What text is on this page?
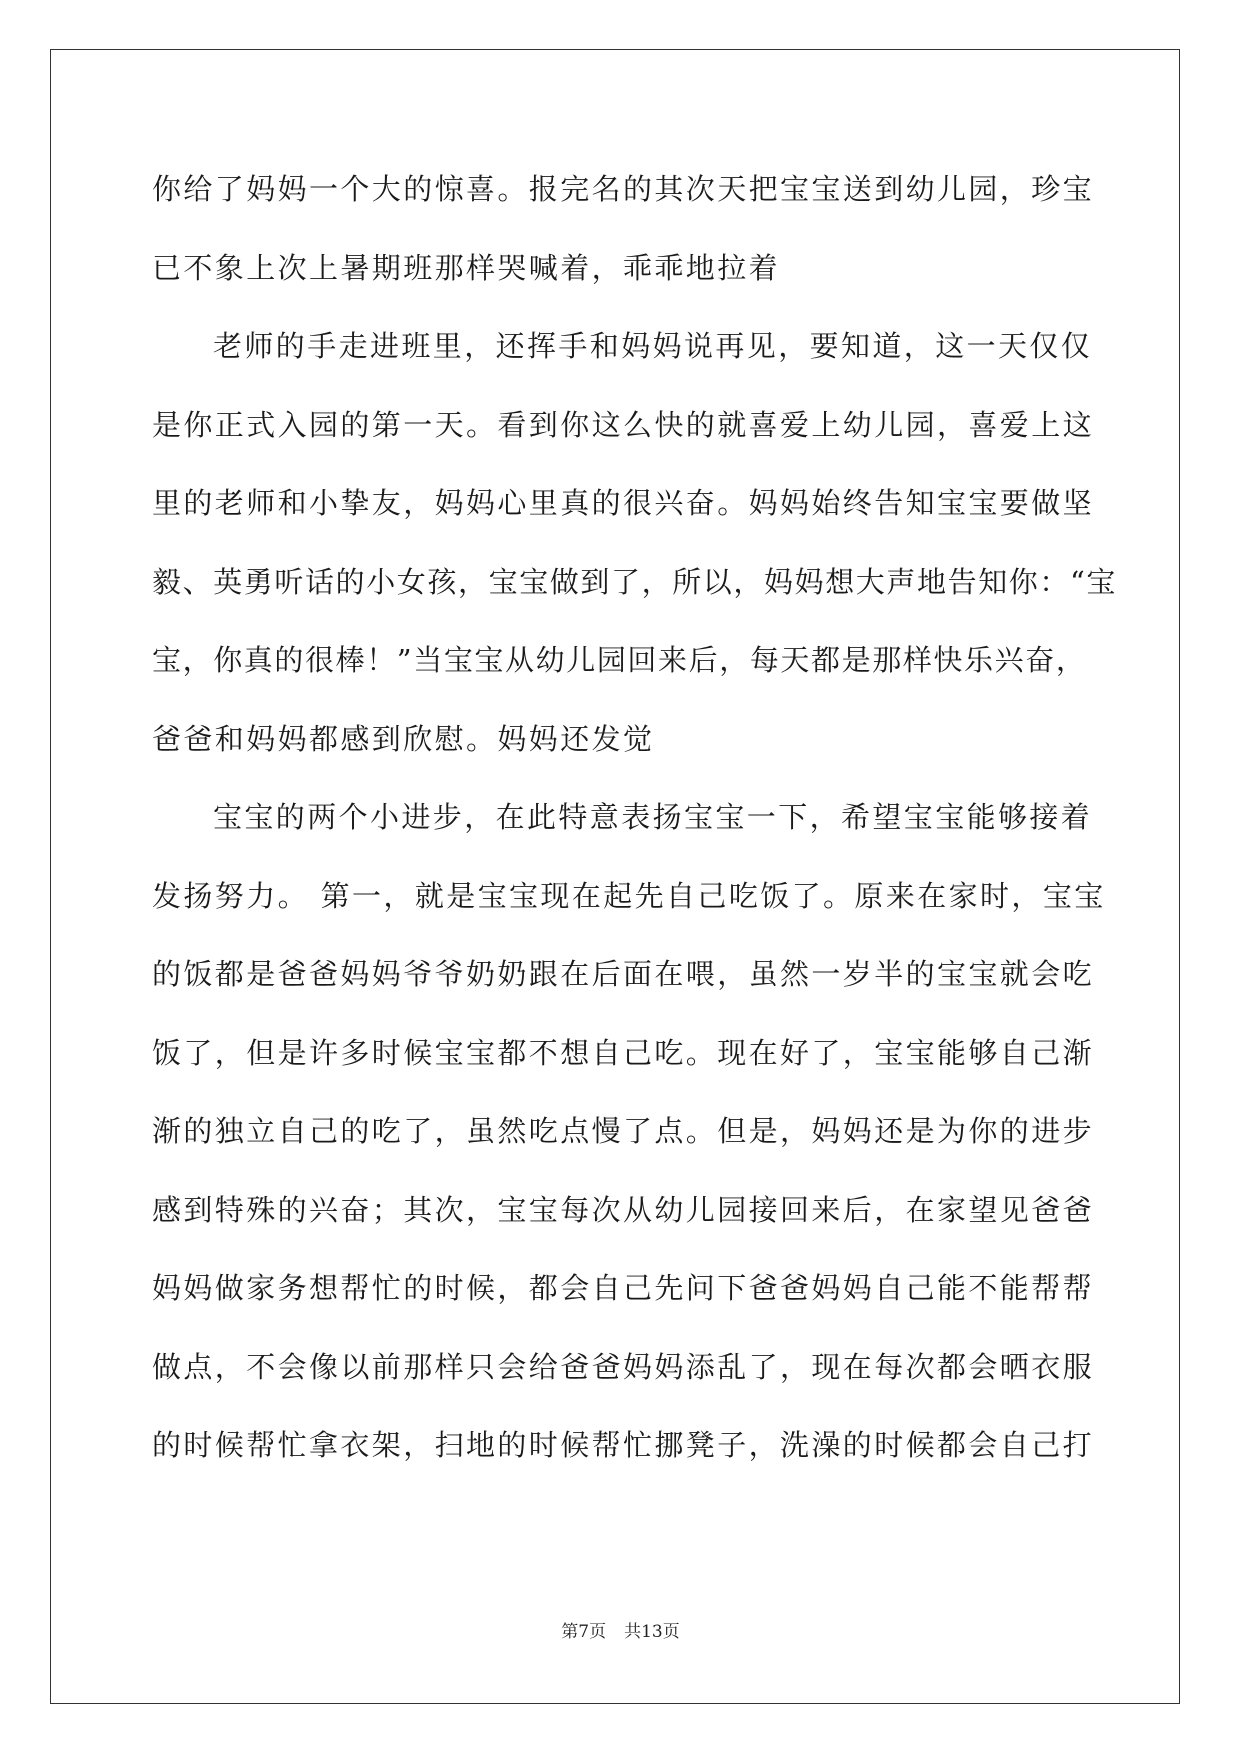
你给了妈妈一个大的惊喜。报完名的其次天把宝宝送到幼儿园，珍宝
已不象上次上暑期班那样哭喊着，乖乖地拉着
老师的手走进班里，还挥手和妈妈说再见，要知道，这一天仅仅
是你正式入园的第一天。看到你这么快的就喜爱上幼儿园，喜爱上这
里的老师和小挚友，妈妈心里真的很兴奋。妈妈始终告知宝宝要做坚
毅、英勇听话的小女孩，宝宝做到了，所以，妈妈想大声地告知你：“宝
宝，你真的很棒！”当宝宝从幼儿园回来后，每天都是那样快乐兴奋，
爸爸和妈妈都感到欣慰。妈妈还发觉
宝宝的两个小进步，在此特意表扬宝宝一下，希望宝宝能够接着
发扬努力。 第一，就是宝宝现在起先自己吃饭了。原来在家时，宝宝
的饭都是爸爸妈妈爷爷奶奶跟在后面在喂，虽然一岁半的宝宝就会吃
饭了，但是许多时候宝宝都不想自己吃。现在好了，宝宝能够自己渐
渐的独立自己的吃了，虽然吃点慢了点。但是，妈妈还是为你的进步
感到特殊的兴奋；其次，宝宝每次从幼儿园接回来后，在家望见爸爸
妈妈做家务想帮忙的时候，都会自己先问下爸爸妈妈自己能不能帮帮
做点，不会像以前那样只会给爸爸妈妈添乱了，现在每次都会晒衣服
的时候帮忙拿衣架，扫地的时候帮忙挪凳子，洗澡的时候都会自己打
第7页 共13页
